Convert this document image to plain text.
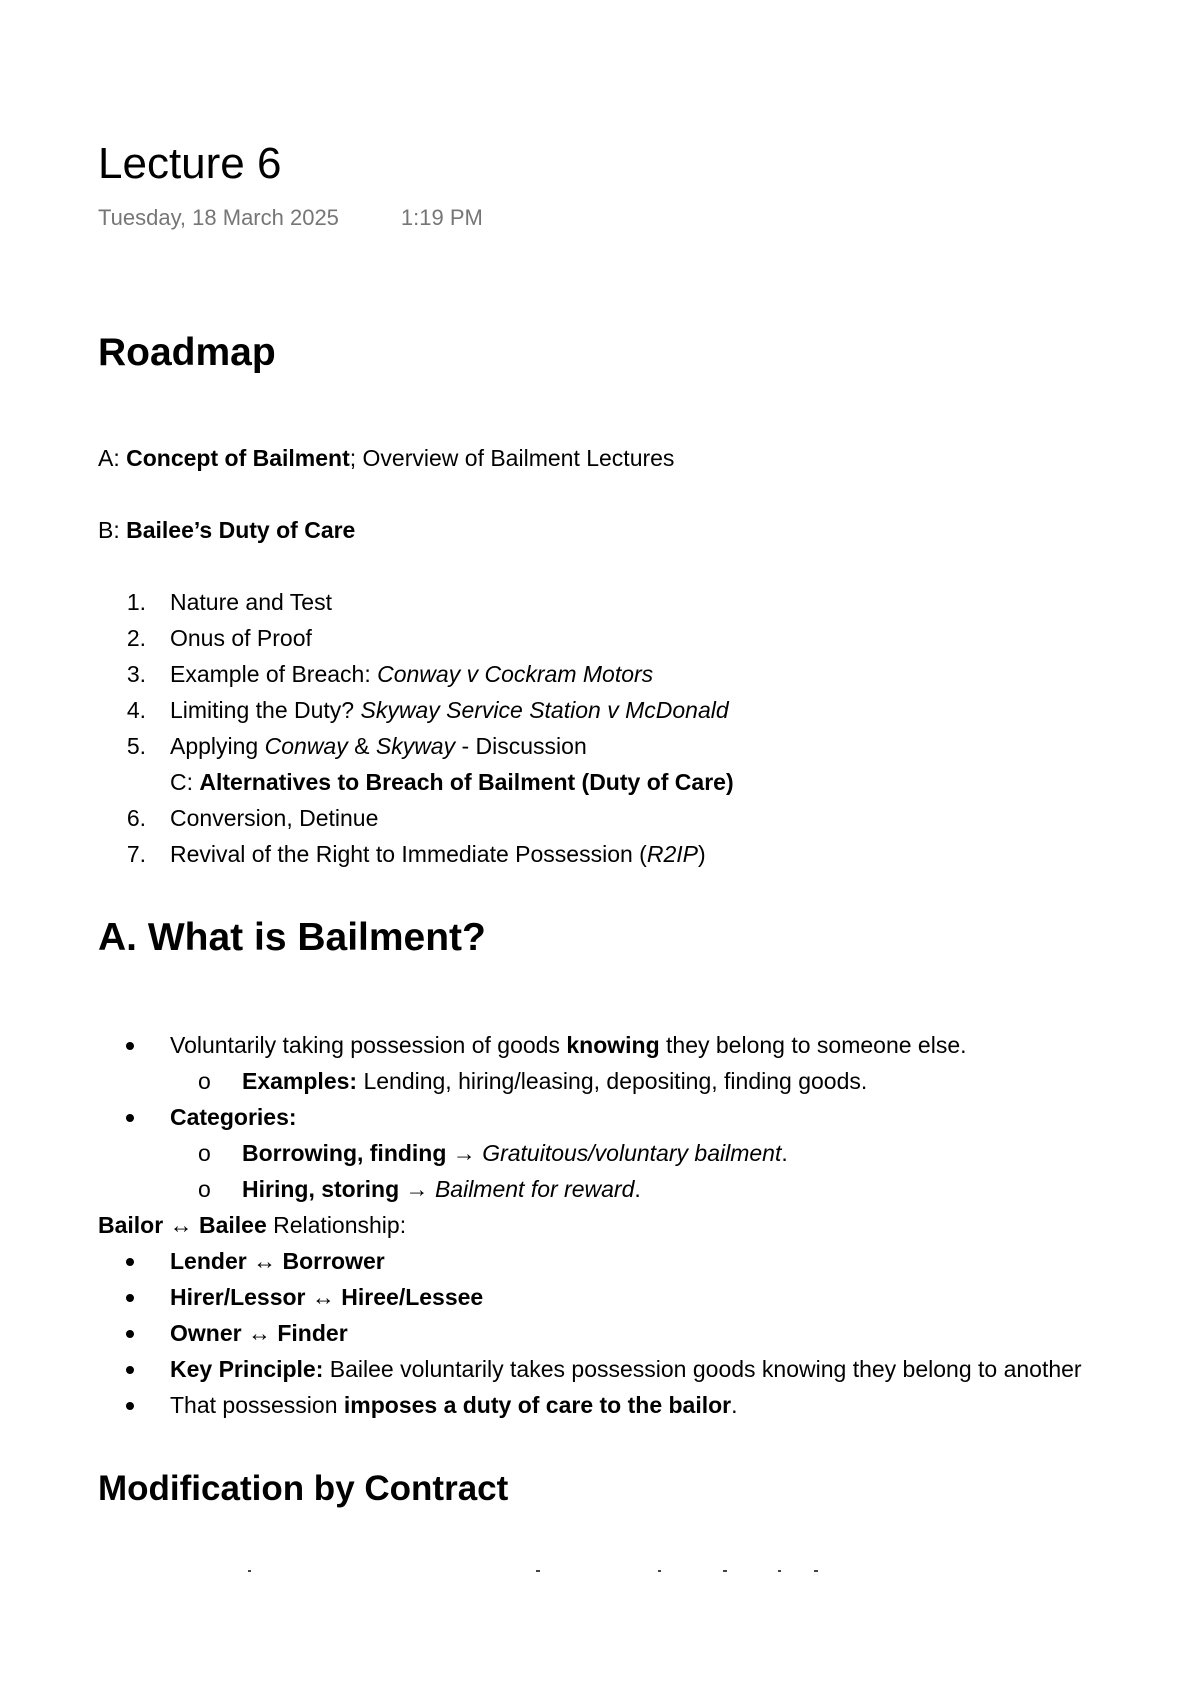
Lecture 6
Tuesday, 18 March 2025	1:19 PM
Roadmap
A: Concept of Bailment; Overview of Bailment Lectures
B: Bailee’s Duty of Care
1. Nature and Test
2. Onus of Proof
3. Example of Breach: Conway v Cockram Motors
4. Limiting the Duty? Skyway Service Station v McDonald
5. Applying Conway & Skyway - Discussion
C: Alternatives to Breach of Bailment (Duty of Care)
6. Conversion, Detinue
7. Revival of the Right to Immediate Possession (R2IP)
A. What is Bailment?
Voluntarily taking possession of goods knowing they belong to someone else.
o Examples: Lending, hiring/leasing, depositing, finding goods.
Categories:
o Borrowing, finding → Gratuitous/voluntary bailment.
o Hiring, storing → Bailment for reward.
Bailor ↔ Bailee Relationship:
Lender ↔ Borrower
Hirer/Lessor ↔ Hiree/Lessee
Owner ↔ Finder
Key Principle: Bailee voluntarily takes possession goods knowing they belong to another
That possession imposes a duty of care to the bailor.
Modification by Contract
